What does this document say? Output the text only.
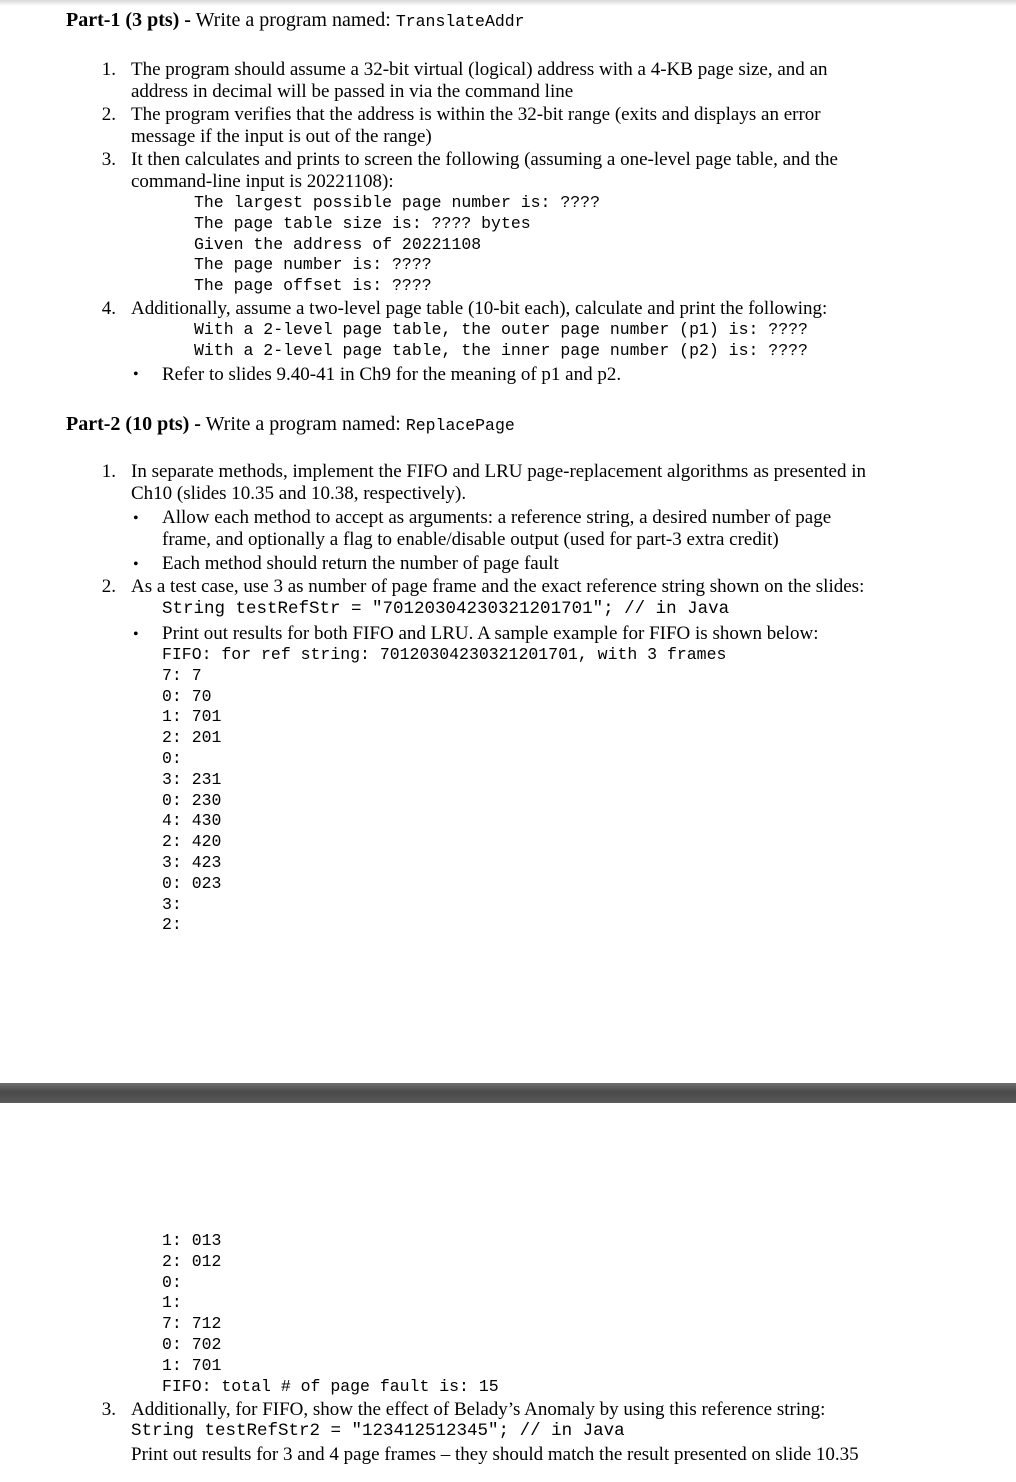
Part-1 (3 pts) - Write a program named: TranslateAddr
1. The program should assume a 32-bit virtual (logical) address with a 4-KB page size, and an address in decimal will be passed in via the command line
2. The program verifies that the address is within the 32-bit range (exits and displays an error message if the input is out of the range)
3. It then calculates and prints to screen the following (assuming a one-level page table, and the command-line input is 20221108):
The largest possible page number is: ????
The page table size is: ???? bytes
Given the address of 20221108
The page number is: ????
The page offset is: ????
4. Additionally, assume a two-level page table (10-bit each), calculate and print the following:
With a 2-level page table, the outer page number (p1) is: ????
With a 2-level page table, the inner page number (p2) is: ????
• Refer to slides 9.40-41 in Ch9 for the meaning of p1 and p2.
Part-2 (10 pts) - Write a program named: ReplacePage
1. In separate methods, implement the FIFO and LRU page-replacement algorithms as presented in Ch10 (slides 10.35 and 10.38, respectively).
• Allow each method to accept as arguments: a reference string, a desired number of page frame, and optionally a flag to enable/disable output (used for part-3 extra credit)
• Each method should return the number of page fault
2. As a test case, use 3 as number of page frame and the exact reference string shown on the slides:
String testRefStr = "70120304230321201701"; // in Java
• Print out results for both FIFO and LRU. A sample example for FIFO is shown below:
FIFO: for ref string: 70120304230321201701, with 3 frames
7: 7
0: 70
1: 701
2: 201
0:
3: 231
0: 230
4: 430
2: 420
3: 423
0: 023
3:
2:
1: 013
2: 012
0:
1:
7: 712
0: 702
1: 701
FIFO: total # of page fault is: 15
3. Additionally, for FIFO, show the effect of Belady’s Anomaly by using this reference string:
String testRefStr2 = "123412512345"; // in Java
Print out results for 3 and 4 page frames – they should match the result presented on slide 10.35
